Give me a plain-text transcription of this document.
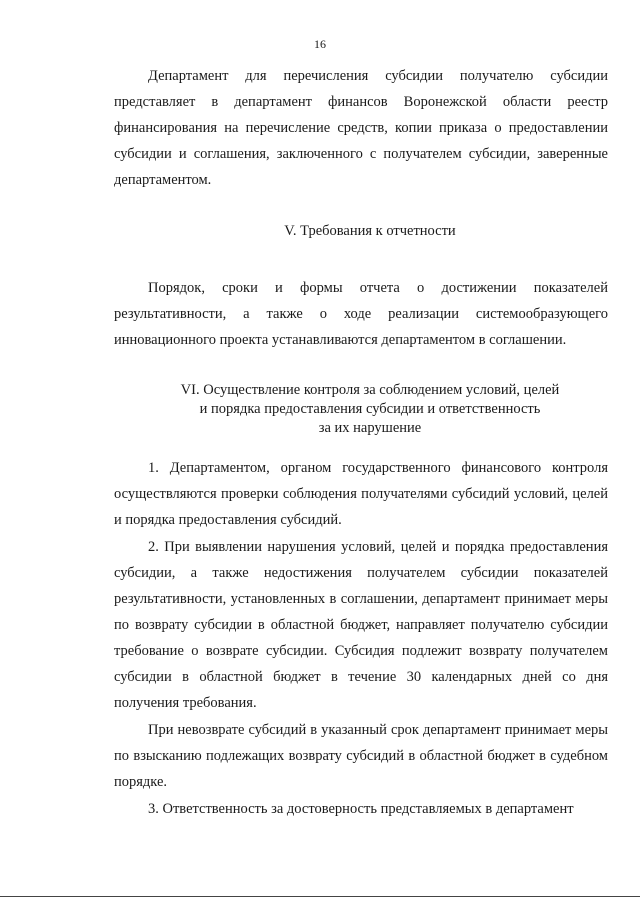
16

Департамент для перечисления субсидии получателю субсидии представляет в департамент финансов Воронежской области реестр финансирования на перечисление средств, копии приказа о предоставлении субсидии и соглашения, заключенного с получателем субсидии, заверенные департаментом.

V. Требования к отчетности

Порядок, сроки и формы отчета о достижении показателей результативности, а также о ходе реализации системообразующего инновационного проекта устанавливаются департаментом в соглашении.

VI. Осуществление контроля за соблюдением условий, целей

и порядка предоставления субсидии и ответственность

за их нарушение

1. Департаментом, органом государственного финансового контроля осуществляются проверки соблюдения получателями субсидий условий, целей и порядка предоставления субсидий.

2. При выявлении нарушения условий, целей и порядка предоставления субсидии, а также недостижения получателем субсидии показателей результативности, установленных в соглашении, департамент принимает меры по возврату субсидии в областной бюджет, направляет получателю субсидии требование о возврате субсидии. Субсидия подлежит возврату получателем субсидии в областной бюджет в течение 30 календарных дней со дня получения требования.

При невозврате субсидий в указанный срок департамент принимает меры по взысканию подлежащих возврату субсидий в областной бюджет в судебном порядке.

3. Ответственность за достоверность представляемых в департамент
